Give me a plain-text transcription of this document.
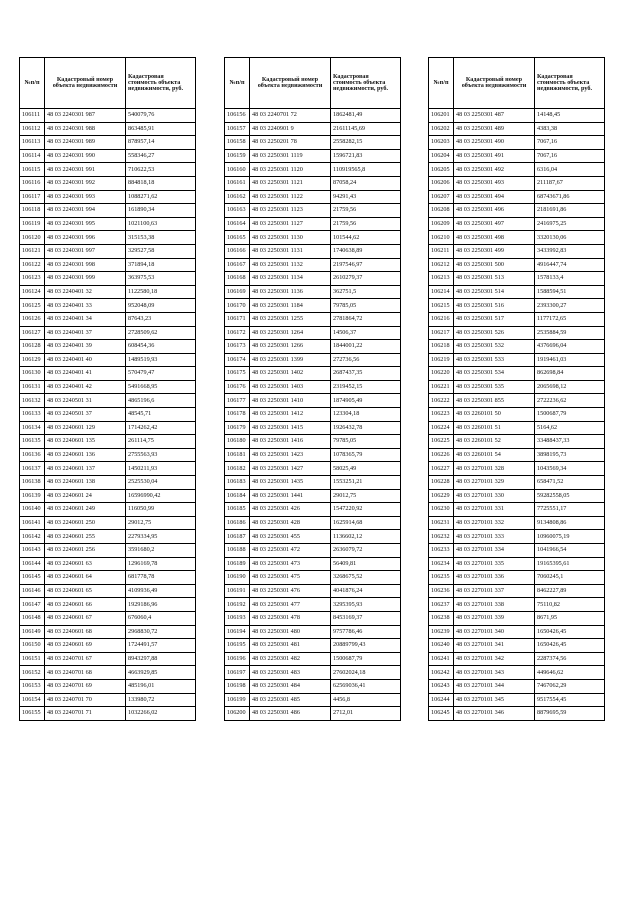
№п/п	Кадастровый номер объекта недвижимости	Кадастровая стоимость объекта недвижимости, руб.
106111	48 03 2240301 987	540079,76
106112	48 03 2240301 988	863485,91
106113	48 03 2240301 989	878957,14
106114	48 03 2240301 990	558346,27
106115	48 03 2240301 991	710622,53
106116	48 03 2240301 992	884818,18
106117	48 03 2240301 993	1088271,62
106118	48 03 2240301 994	161890,34
106119	48 03 2240301 995	1021100,63
106120	48 03 2240301 996	315153,38
106121	48 03 2240301 997	329527,58
106122	48 03 2240301 998	371894,18
106123	48 03 2240301 999	363975,53
106124	48 03 2240401 32	1122580,18
106125	48 03 2240401 33	952048,09
106126	48 03 2240401 34	87643,23
106127	48 03 2240401 37	2728509,62
106128	48 03 2240401 39	608454,36
106129	48 03 2240401 40	1489519,93
106130	48 03 2240401 41	570479,47
106131	48 03 2240401 42	5491668,95
106132	48 03 2240501 31	4865196,6
106133	48 03 2240501 37	48545,71
106134	48 03 2240601 129	1714262,42
106135	48 03 2240601 135	261114,75
106136	48 03 2240601 136	2755563,93
106137	48 03 2240601 137	1450211,93
106138	48 03 2240601 138	2525530,04
106139	48 03 2240601 24	16596990,42
106140	48 03 2240601 249	116050,99
106141	48 03 2240601 250	29012,75
106142	48 03 2240601 255	2279334,95
106143	48 03 2240601 256	3591680,2
106144	48 03 2240601 63	1296169,78
106145	48 03 2240601 64	681778,78
106146	48 03 2240601 65	4109936,49
106147	48 03 2240601 66	1929186,96
106148	48 03 2240601 67	676060,4
106149	48 03 2240601 68	2968830,72
106150	48 03 2240601 69	1724491,57
106151	48 03 2240701 67	8943297,88
106152	48 03 2240701 68	4663929,85
106153	48 03 2240701 69	485196,01
106154	48 03 2240701 70	133980,72
106155	48 03 2240701 71	1032266,02
№п/п	Кадастровый номер объекта недвижимости	Кадастровая стоимость объекта недвижимости, руб.
106156	48 03 2240701 72	1862481,49
106157	48 03 2240901 9	21611145,69
106158	48 03 2250201 78	2558282,15
106159	48 03 2250301 1119	1596721,83
106160	48 03 2250301 1120	110919565,8
106161	48 03 2250301 1121	87058,24
106162	48 03 2250301 1122	94291,43
106163	48 03 2250301 1123	21759,56
106164	48 03 2250301 1127	21759,56
106165	48 03 2250301 1130	101544,62
106166	48 03 2250301 1131	1740638,89
106167	48 03 2250301 1132	2197546,97
106168	48 03 2250301 1134	2610279,37
106169	48 03 2250301 1136	362751,5
106170	48 03 2250301 1184	79785,05
106171	48 03 2250301 1255	2781864,72
106172	48 03 2250301 1264	14506,37
106173	48 03 2250301 1266	1844001,22
106174	48 03 2250301 1399	272736,56
106175	48 03 2250301 1402	2687437,35
106176	48 03 2250301 1403	2319452,15
106177	48 03 2250301 1410	1874905,49
106178	48 03 2250301 1412	123304,18
106179	48 03 2250301 1415	1926432,78
106180	48 03 2250301 1416	79785,05
106181	48 03 2250301 1423	1078365,79
106182	48 03 2250301 1427	58025,49
106183	48 03 2250301 1435	1553251,21
106184	48 03 2250301 1441	29012,75
106185	48 03 2250301 426	1547220,92
106186	48 03 2250301 428	1625914,68
106187	48 03 2250301 455	1136602,12
106188	48 03 2250301 472	2636079,72
106189	48 03 2250301 473	56409,81
106190	48 03 2250301 475	3268675,52
106191	48 03 2250301 476	4041876,24
106192	48 03 2250301 477	3295395,93
106193	48 03 2250301 478	8453169,37
106194	48 03 2250301 480	9757786,46
106195	48 03 2250301 481	20889799,43
106196	48 03 2250301 482	1500687,79
106197	48 03 2250301 483	27602024,18
106198	48 03 2250301 484	62569036,41
106199	48 03 2250301 485	4456,8
106200	48 03 2250301 486	2712,01
№п/п	Кадастровый номер объекта недвижимости	Кадастровая стоимость объекта недвижимости, руб.
106201	48 03 2250301 487	14148,45
106202	48 03 2250301 489	4383,38
106203	48 03 2250301 490	7067,16
106204	48 03 2250301 491	7067,16
106205	48 03 2250301 492	6316,04
106206	48 03 2250301 493	211187,67
106207	48 03 2250301 494	68743671,86
106208	48 03 2250301 496	2181691,86
106209	48 03 2250301 497	2416975,25
106210	48 03 2250301 498	3320130,06
106211	48 03 2250301 499	3433992,83
106212	48 03 2250301 500	4916447,74
106213	48 03 2250301 513	1578133,4
106214	48 03 2250301 514	1588594,51
106215	48 03 2250301 516	2393300,27
106216	48 03 2250301 517	1177172,65
106217	48 03 2250301 526	2535884,59
106218	48 03 2250301 532	4376696,04
106219	48 03 2250301 533	1919461,03
106220	48 03 2250301 534	862698,84
106221	48 03 2250301 535	2065698,12
106222	48 03 2250301 855	2722236,62
106223	48 03 2260101 50	1500687,79
106224	48 03 2260101 51	5164,62
106225	48 03 2260101 52	33488437,33
106226	48 03 2260101 54	3898195,73
106227	48 03 2270101 328	1043569,34
106228	48 03 2270101 329	658471,52
106229	48 03 2270101 330	59282558,05
106230	48 03 2270101 331	7725551,17
106231	48 03 2270101 332	9134808,86
106232	48 03 2270101 333	10960075,19
106233	48 03 2270101 334	1041966,54
106234	48 03 2270101 335	19165395,61
106235	48 03 2270101 336	7060245,1
106236	48 03 2270101 337	8462227,89
106237	48 03 2270101 338	75110,82
106238	48 03 2270101 339	8671,95
106239	48 03 2270101 340	1650426,45
106240	48 03 2270101 341	1650426,45
106241	48 03 2270101 342	2287374,56
106242	48 03 2270101 343	449646,62
106243	48 03 2270101 344	7467062,29
106244	48 03 2270101 345	9517554,45
106245	48 03 2270101 346	8879695,59
